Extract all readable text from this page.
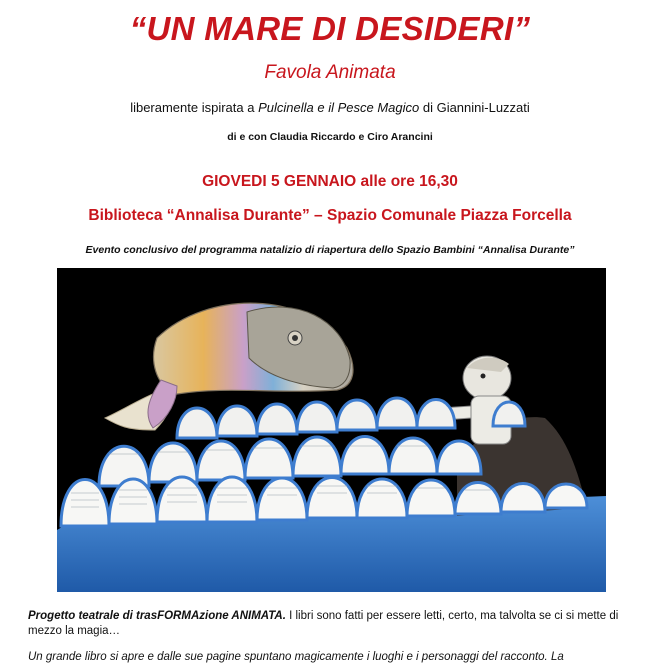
“UN MARE DI DESIDERI”
Favola Animata
liberamente ispirata a Pulcinella e il Pesce Magico di Giannini-Luzzati
di e con Claudia Riccardo e Ciro Arancini
GIOVEDI 5 GENNAIO alle ore 16,30
Biblioteca “Annalisa Durante” – Spazio Comunale Piazza Forcella
Evento conclusivo del programma natalizio di riapertura dello Spazio Bambini “Annalisa Durante”
Progetto teatrale di trasFORMAzione ANIMATA. I libri sono fatti per essere letti, certo, ma talvolta se ci si mette di mezzo la magia…
Un grande libro si apre e dalle sue pagine spuntano magicamente i luoghi e i personaggi del racconto. La
